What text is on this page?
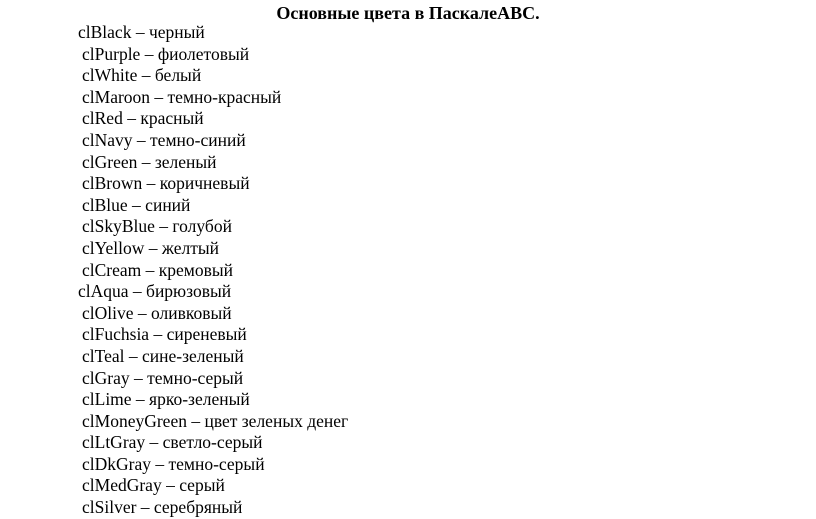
Основные цвета в ПаскалеABC.
clBlack – черный
clPurple – фиолетовый
clWhite – белый
clMaroon – темно-красный
clRed – красный
clNavy – темно-синий
clGreen – зеленый
clBrown – коричневый
clBlue – синий
clSkyBlue – голубой
clYellow – желтый
clCream – кремовый
clAqua – бирюзовый
clOlive – оливковый
clFuchsia – сиреневый
clTeal – сине-зеленый
clGray – темно-серый
clLime – ярко-зеленый
clMoneyGreen – цвет зеленых денег
clLtGray – светло-серый
clDkGray – темно-серый
clMedGray – серый
clSilver – серебряный
